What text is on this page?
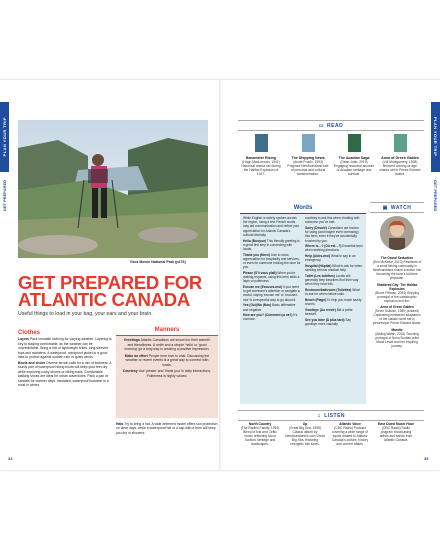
PLAN YOUR TRIP
GET PREPARED
Gros Morne National Park (p176)
GET PREPARED FOR
ATLANTIC CANADA
Useful things to load in your bag, your ears and your brain.
Clothes

Layers Pack versatile clothing for varying weather. Layering is key to staying comfortable, as the weather can be unpredictable. Bring a mix of lightweight shirts, long-sleeved tops and sweaters. A waterproof, windproof jacket is a good idea to protect against sudden rain or gusty winds.

Boots and shoes Diverse terrain calls for a mix of footwear. A sturdy pair of waterproof hiking boots will keep your feet dry while exploring rocky shores or hiking trails. Comfortable walking shoes are ideal for urban adventures. Pack a pair of sandals for warmer days. Insulated, waterproof footwear is a must in winter.

Manners

Greetings Atlantic Canadians are known for their warmth and friendliness. A smile and a simple 'hello' or 'good morning' go a long way in creating a positive impression.

Make an effort People here love to chat. Discussing the weather or recent events is a great way to connect with locals.

Courtesy Use 'please' and 'thank you' in daily interactions. Politeness is highly valued.

Hats Try to bring a hat. A wide-brimmed model offers sun protection on clear days, while a waterproof hat or a cap with a brim will keep you dry in showers.

34
PLAN YOUR TRIP
GET PREPARED
▭ READ
Barometer Rising
(Hugh MacLennan, 1941) Historical drama set during the Halifax Explosion of 1917.
The Shipping News
(Annie Proulx, 1993) Poignant Newfoundland tale of personal and cultural transformation.
The Acadian Saga
(Dean Jobb, 2019) Engaging historical account of Acadian heritage and survival.
Anne of Green Gables
(LM Montgomery, 1908) Beloved coming-of-age classic set in Prince Edward Island.
Words

While English is widely spoken across the region, using a few French words may aid communication and reflect your appreciation for Atlantic Canada's cultural diversity.

Hello (Bonjour) This friendly greeting is a great first step in connecting with locals.

Thank you (Merci) Use to show appreciation for hospitality and services, or even for someone holding the door for you.

Please (S'il vous plaît) When you're making requests, using this term adds a layer of politeness.

Excuse me (Excusez-moi) If you need to get someone's attention or navigate a crowd, saying 'excuse me' or 'excusez-moi' is a respectful way to go about it.

Yes (Oui)/No (Non) Basic affirmative and negative.

How are you? (Comment ça va?) It's common

courtesy to ask this when chatting with someone you've met.

Sorry (Désolé) Canadians are known for using (and maybe even overusing) this term, even if they've accidentally brushed by you.

Where is…? (Où est…?) Essential term when seeking directions.

Help (Aidez-moi) What to say in an emergency.

Hospital (Hôpital) What to ask for when seeking serious medical help.

Toilet (Les toilettes) Locals will generally help travellers find their way when they hear this.

Restroom/bathroom (Toilettes) What to ask for when nature calls.

Beach (Plage) To help you reach sandy shores.

Goodbye (Au revoir) Bid a polite farewell.

See you later (À plus tard) Say goodbye more casually.

▣ WATCH

The Grand Seduction
(Don McKellar, 2013) Residents of a small fishing community in Newfoundland charm a doctor into becoming the town's full-time physician.

Shattered City: The Halifax Explosion
(Bruce Pittman, 2003) Gripping portrayal of the catastrophic explosion and fire.

Anne of Green Gables
(Kevin Sullivan, 1985; pictured) Captivating miniseries adaptation of the classic novel set in picturesque Prince Edward Island.

Mandie
(Aisling Walsh, 2016) Touching portrayal of Nova Scotian artist Maud Lewis and her inspiring journey.

♫ LISTEN
North Country
(The Rankin Family, 1993) Blend of folk and Celtic music reflecting Nova Scotia's heritage and landscapes.
Up
(Great Big Sea, 1995) Classic album by Newfoundland's own Great Big Sea, featuring energetic folk tunes.
Atlantic Voice
(CBC Radio) Podcast covering a wide range of topics related to Atlantic Canada's culture, history and current affairs.
East Coast Music Hour
(CBC Radio) Radio program showcasing artists and bands from Atlantic Canada.
35
